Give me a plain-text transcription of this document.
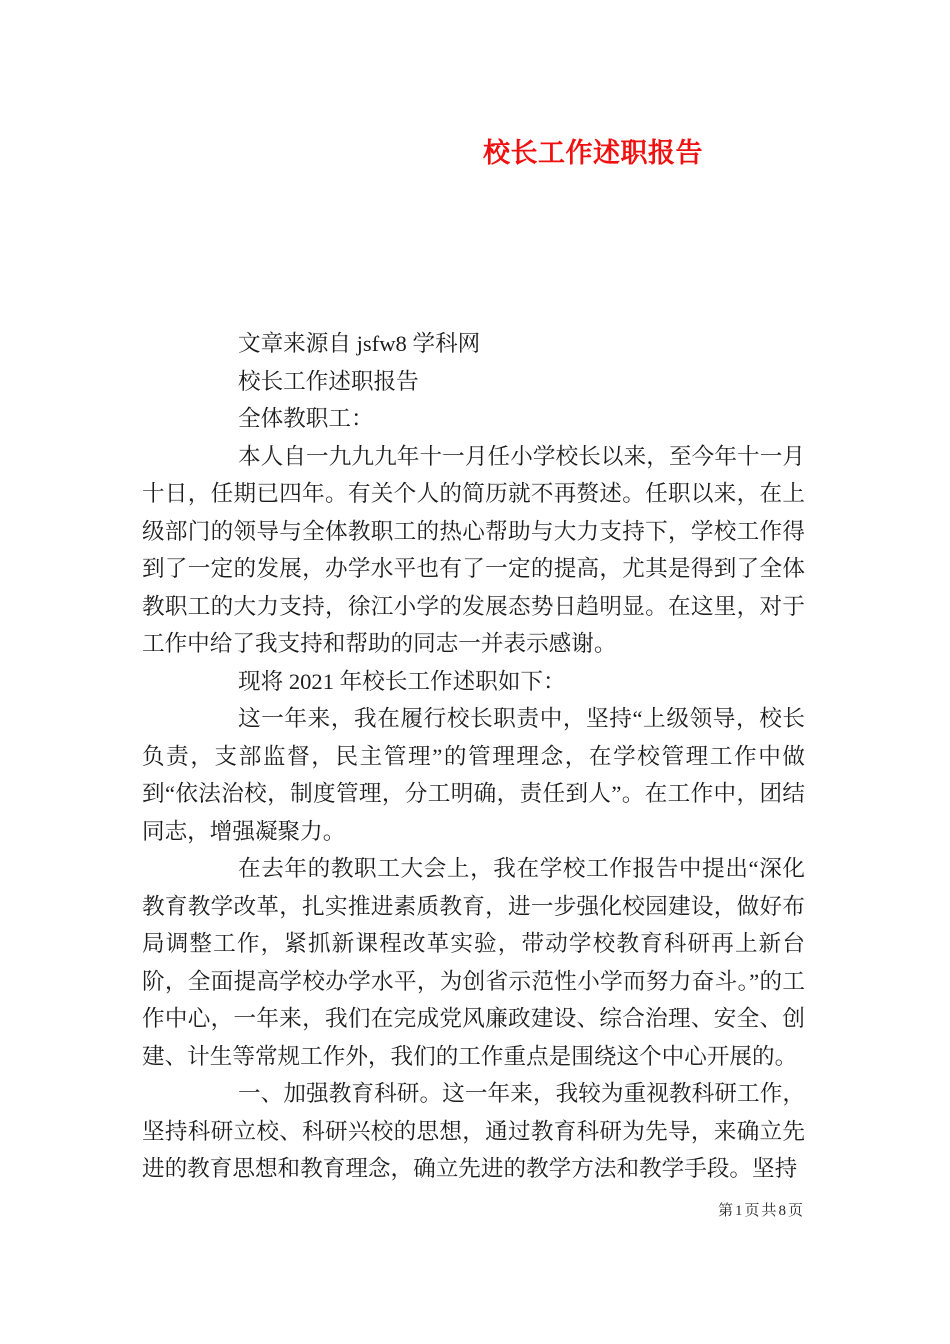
校长工作述职报告

文章来源自 jsfw8 学科网

校长工作述职报告

全体教职工：

本人自一九九九年十一月任小学校长以来，至今年十一月十日，任期已四年。有关个人的简历就不再赘述。任职以来，在上级部门的领导与全体教职工的热心帮助与大力支持下，学校工作得到了一定的发展，办学水平也有了一定的提高，尤其是得到了全体教职工的大力支持，徐江小学的发展态势日趋明显。在这里，对于工作中给了我支持和帮助的同志一并表示感谢。

现将 2021 年校长工作述职如下：

这一年来，我在履行校长职责中，坚持“上级领导，校长负责，支部监督，民主管理”的管理理念，在学校管理工作中做到“依法治校，制度管理，分工明确，责任到人”。在工作中，团结同志，增强凝聚力。

在去年的教职工大会上，我在学校工作报告中提出“深化教育教学改革，扎实推进素质教育，进一步强化校园建设，做好布局调整工作，紧抓新课程改革实验，带动学校教育科研再上新台阶，全面提高学校办学水平，为创省示范性小学而努力奋斗。”的工作中心，一年来，我们在完成党风廉政建设、综合治理、安全、创建、计生等常规工作外，我们的工作重点是围绕这个中心开展的。

一、加强教育科研。这一年来，我较为重视教科研工作，坚持科研立校、科研兴校的思想，通过教育科研为先导，来确立先进的教育思想和教育理念，确立先进的教学方法和教学手段。坚持

第1页共8页
